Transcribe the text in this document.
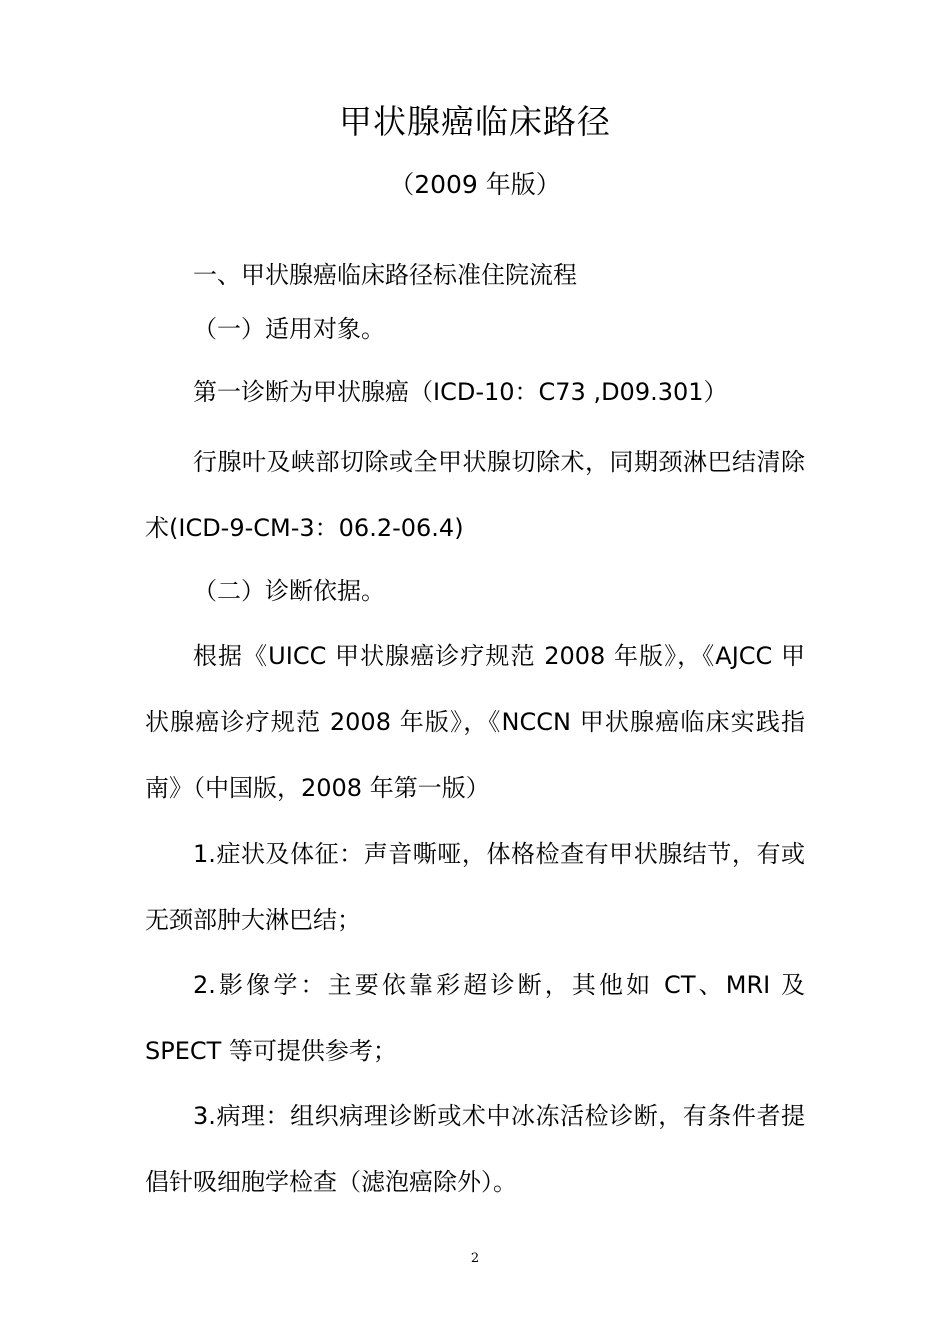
甲状腺癌临床路径
（2009 年版）

一、甲状腺癌临床路径标准住院流程

（一）适用对象。

第一诊断为甲状腺癌（ICD-10：C73 ,D09.301）

行腺叶及峡部切除或全甲状腺切除术，同期颈淋巴结清除术(ICD-9-CM-3：06.2-06.4)

（二）诊断依据。

根据《UICC 甲状腺癌诊疗规范 2008 年版》，《AJCC 甲状腺癌诊疗规范 2008 年版》，《NCCN 甲状腺癌临床实践指南》（中国版，2008 年第一版）

1.症状及体征：声音嘶哑，体格检查有甲状腺结节，有或无颈部肿大淋巴结；

2.影像学：主要依靠彩超诊断，其他如 CT、MRI 及 SPECT 等可提供参考；

3.病理：组织病理诊断或术中冰冻活检诊断，有条件者提倡针吸细胞学检查（滤泡癌除外）。

2
